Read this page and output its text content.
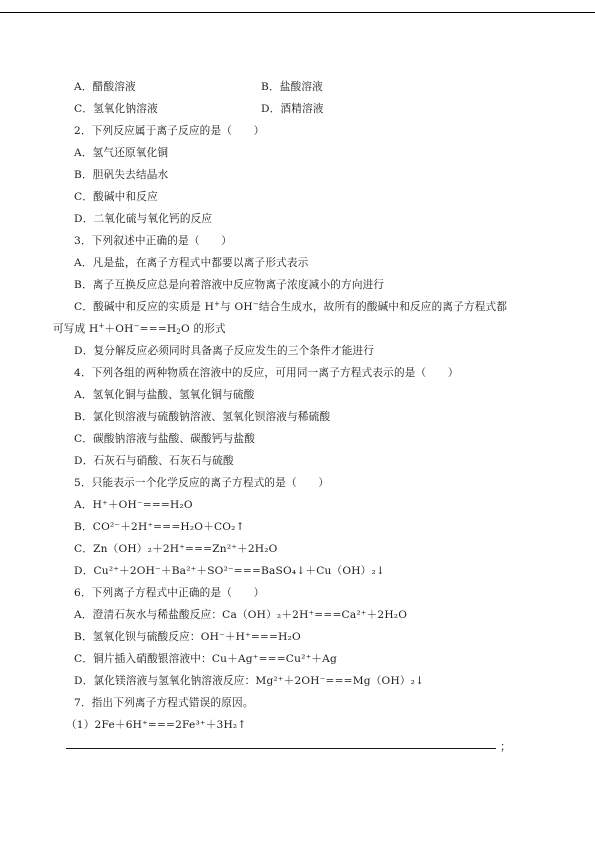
A．醋酸溶液	B．盐酸溶液
C．氢氧化钠溶液	D．酒精溶液
2．下列反应属于离子反应的是（　　）
A．氢气还原氧化铜
B．胆矾失去结晶水
C．酸碱中和反应
D．二氧化硫与氧化钙的反应
3．下列叙述中正确的是（　　）
A．凡是盐，在离子方程式中都要以离子形式表示
B．离子互换反应总是向着溶液中反应物离子浓度减小的方向进行
C．酸碱中和反应的实质是 H+与 OH−结合生成水，故所有的酸碱中和反应的离子方程式都
可写成 $H^++OH^-===H_2O$ 的形式
D．复分解反应必须同时具备离子反应发生的三个条件才能进行
4．下列各组的两种物质在溶液中的反应，可用同一离子方程式表示的是（　　）
A．氢氧化铜与盐酸、氢氧化铜与硫酸
B．氯化钡溶液与硫酸钠溶液、氢氧化钡溶液与稀硫酸
C．碳酸钠溶液与盐酸、碳酸钙与盐酸
D．石灰石与硝酸、石灰石与硫酸
5．只能表示一个化学反应的离子方程式的是（　　）
A．H⁺＋OH⁻===H₂O
B．CO²⁻＋2H⁺===H₂O＋CO₂↑
C．Zn（OH）₂＋2H⁺===Zn²⁺＋2H₂O
D．Cu²⁺＋2OH⁻＋Ba²⁺＋SO²⁻===BaSO₄↓＋Cu（OH）₂↓
6．下列离子方程式中正确的是（　　）
A．澄清石灰水与稀盐酸反应：Ca（OH）₂＋2H⁺===Ca²⁺＋2H₂O
B．氢氧化钡与硫酸反应：OH⁻＋H⁺===H₂O
C．铜片插入硝酸银溶液中：Cu＋Ag⁺===Cu²⁺＋Ag
D．氯化镁溶液与氢氧化钠溶液反应：Mg²⁺＋2OH⁻===Mg（OH）₂↓
7．指出下列离子方程式错误的原因。
（1）2Fe＋6H⁺===2Fe³⁺＋3H₂↑
；
